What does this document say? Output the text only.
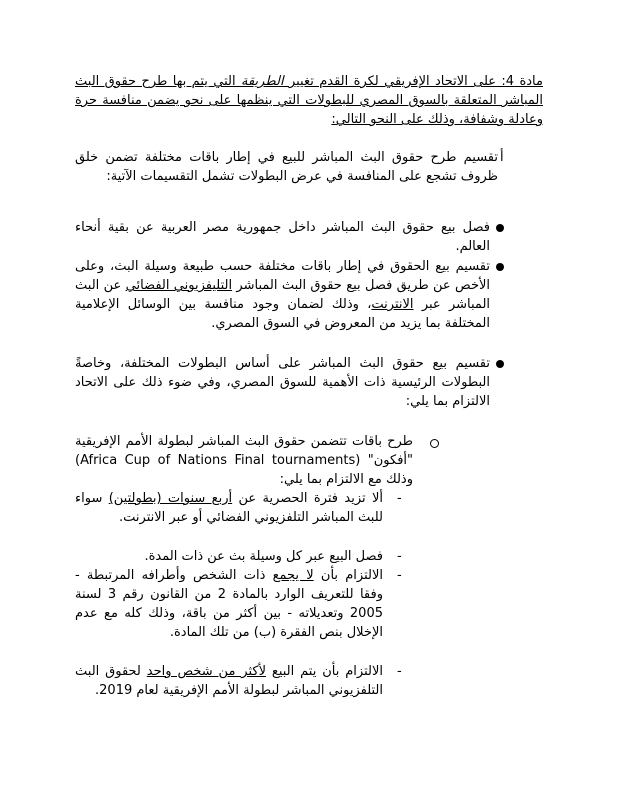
مادة 4: على الاتحاد الإفريقي لكرة القدم تغيير الطريقة التي يتم بها طرح حقوق البث المباشر المتعلقة بالسوق المصري للبطولات التي ينظمها على نحو يضمن منافسة حرة وعادلة وشفافة، وذلك على النحو التالي:
أ
تقسيم طرح حقوق البث المباشر للبيع في إطار باقات مختلفة تضمن خلق ظروف تشجع على المنافسة في عرض البطولات تشمل التقسيمات الآتية:
فصل بيع حقوق البث المباشر داخل جمهورية مصر العربية عن بقية أنحاء العالم.
تقسيم بيع الحقوق في إطار باقات مختلفة حسب طبيعة وسيلة البث، وعلى الأخص عن طريق فصل بيع حقوق البث المباشر التليفزيوني الفضائي عن البث المباشر عبر الانترنت، وذلك لضمان وجود منافسة بين الوسائل الإعلامية المختلفة بما يزيد من المعروض في السوق المصري.
تقسيم بيع حقوق البث المباشر على أساس البطولات المختلفة، وخاصةً البطولات الرئيسية ذات الأهمية للسوق المصري، وفي ضوء ذلك على الاتحاد الالتزام بما يلي:
طرح باقات تتضمن حقوق البث المباشر لبطولة الأمم الإفريقية "أفكون" (Africa Cup of Nations Final tournaments) وذلك مع الالتزام بما يلي:
-
ألا تزيد فترة الحصرية عن أربع سنوات (بطولتين) سواء للبث المباشر التلفزيوني الفضائي أو عبر الانترنت.
-
فصل البيع عبر كل وسيلة بث عن ذات المدة.
-
الالتزام بأن لا يجمع ذات الشخص وأطرافه المرتبطة - وفقا للتعريف الوارد بالمادة 2 من القانون رقم 3 لسنة 2005 وتعديلاته - بين أكثر من باقة، وذلك كله مع عدم الإخلال بنص الفقرة (ب) من تلك المادة.
-
الالتزام بأن يتم البيع لأكثر من شخص واحد لحقوق البث التلفزيوني المباشر لبطولة الأمم الإفريقية لعام 2019.
